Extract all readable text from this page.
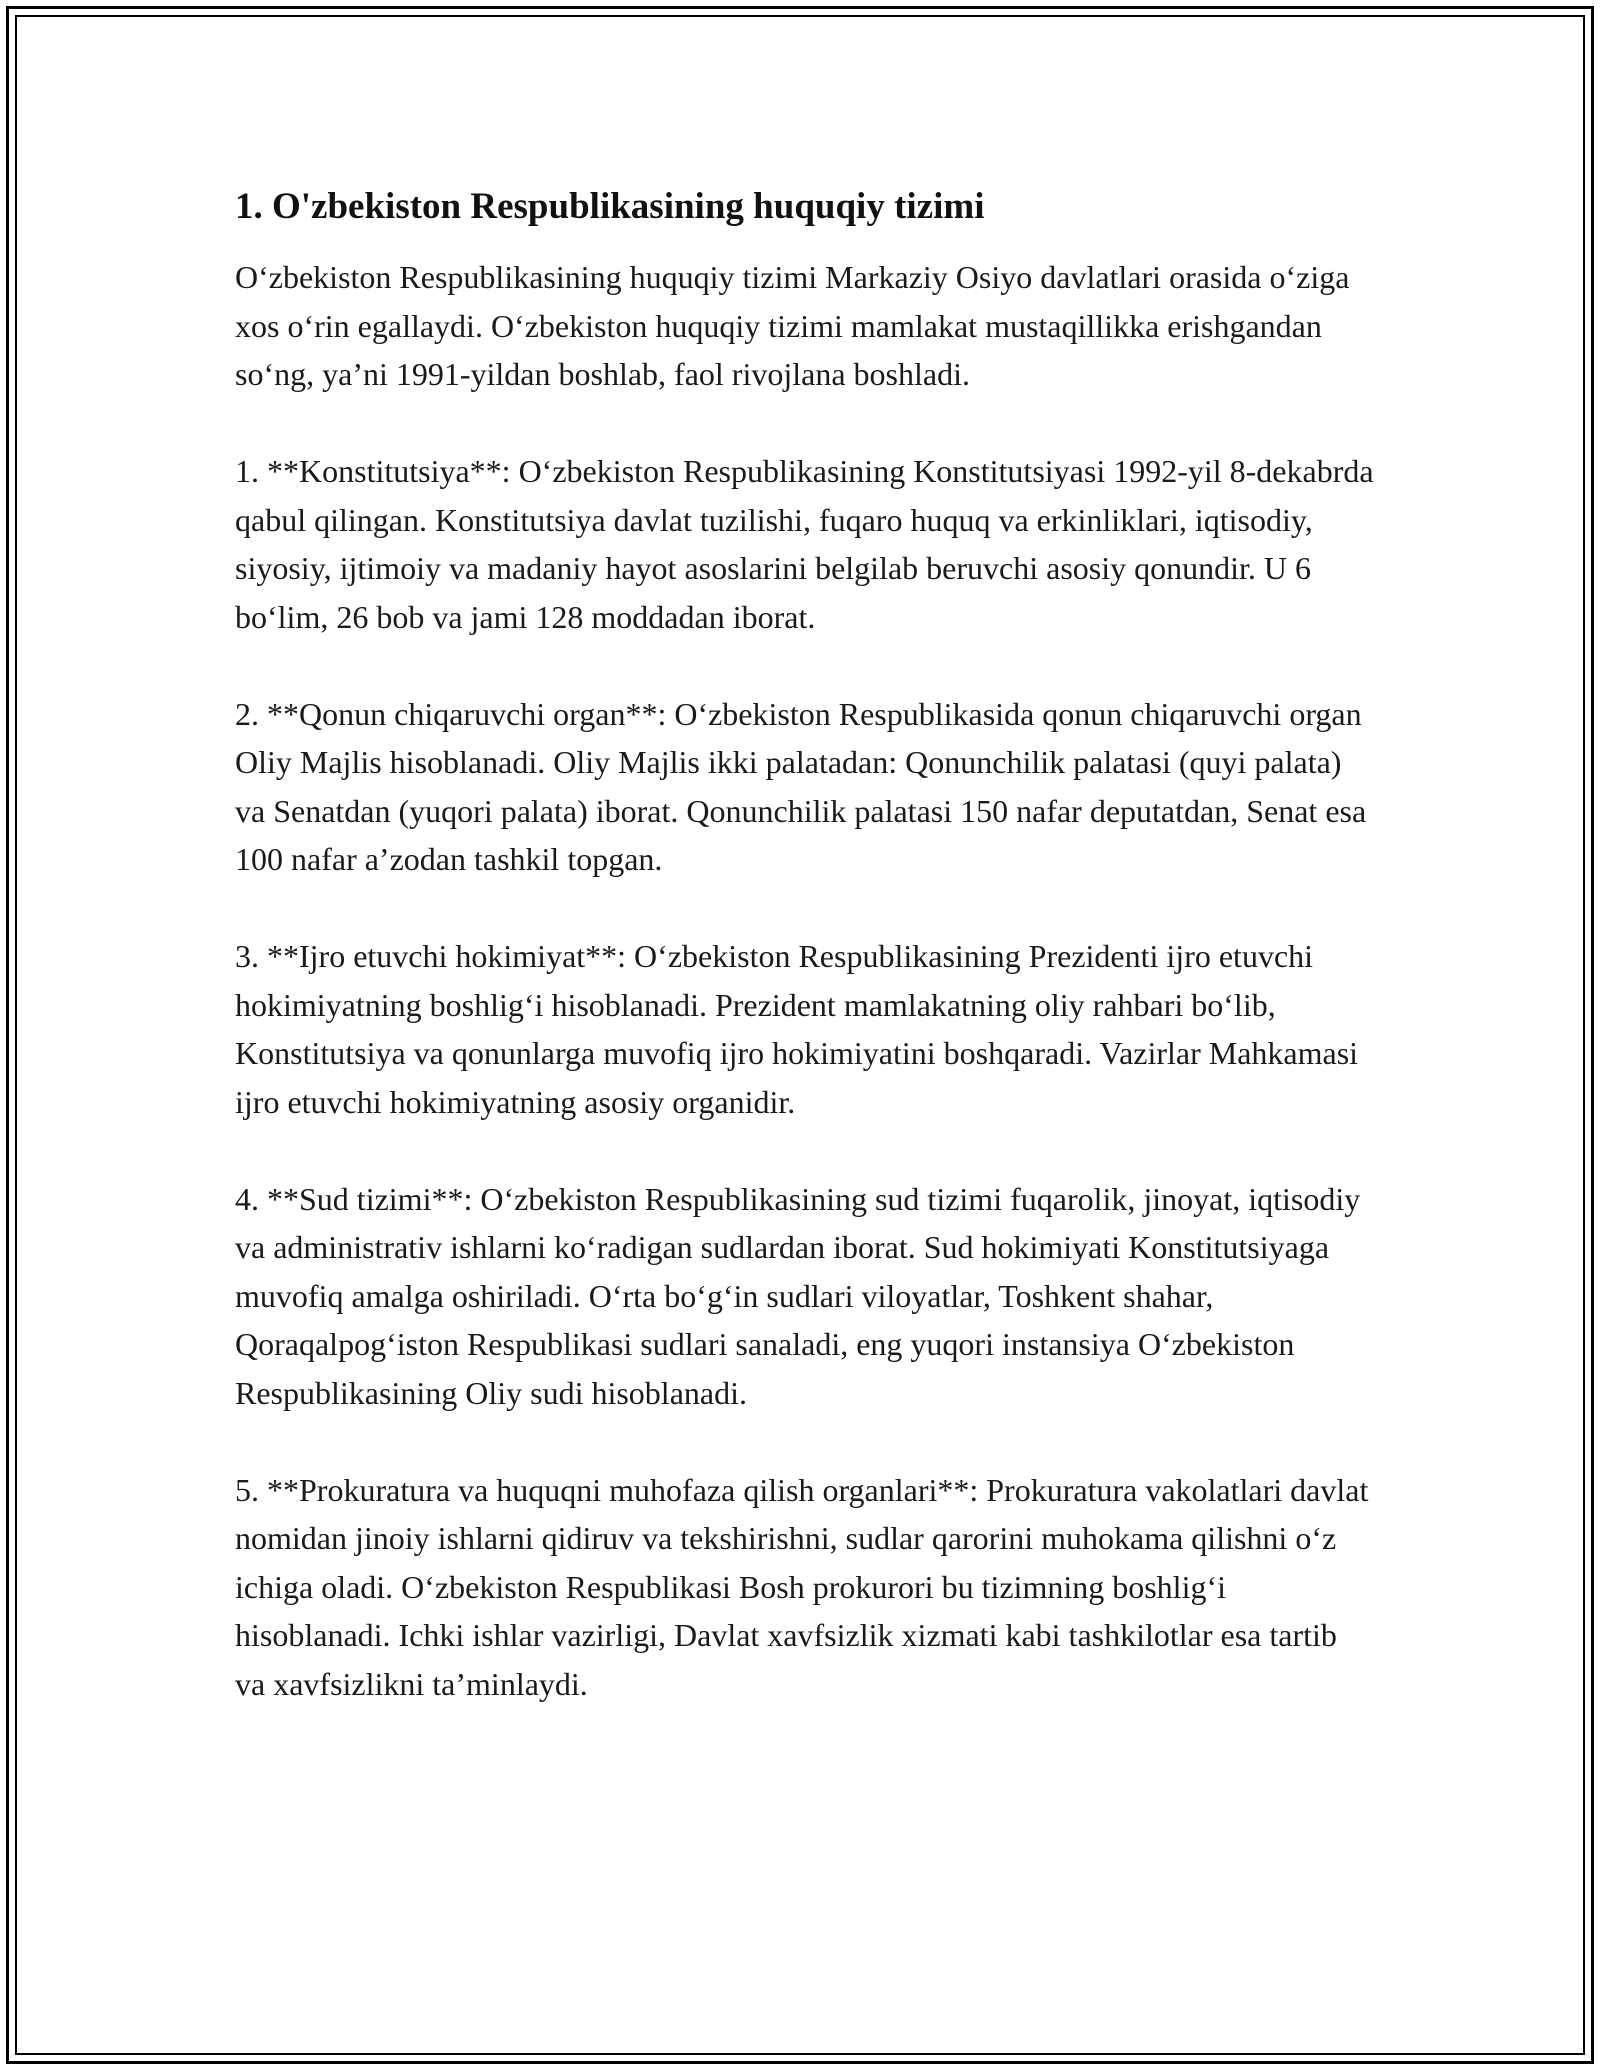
1. O'zbekiston Respublikasining huquqiy tizimi

O‘zbekiston Respublikasining huquqiy tizimi Markaziy Osiyo davlatlari orasida o‘ziga xos o‘rin egallaydi. O‘zbekiston huquqiy tizimi mamlakat mustaqillikka erishgandan so‘ng, ya’ni 1991-yildan boshlab, faol rivojlana boshladi.

1. **Konstitutsiya**: O‘zbekiston Respublikasining Konstitutsiyasi 1992-yil 8-dekabrda qabul qilingan. Konstitutsiya davlat tuzilishi, fuqaro huquq va erkinliklari, iqtisodiy, siyosiy, ijtimoiy va madaniy hayot asoslarini belgilab beruvchi asosiy qonundir. U 6 bo‘lim, 26 bob va jami 128 moddadan iborat.

2. **Qonun chiqaruvchi organ**: O‘zbekiston Respublikasida qonun chiqaruvchi organ Oliy Majlis hisoblanadi. Oliy Majlis ikki palatadan: Qonunchilik palatasi (quyi palata) va Senatdan (yuqori palata) iborat. Qonunchilik palatasi 150 nafar deputatdan, Senat esa 100 nafar a’zodan tashkil topgan.

3. **Ijro etuvchi hokimiyat**: O‘zbekiston Respublikasining Prezidenti ijro etuvchi hokimiyatning boshlig‘i hisoblanadi. Prezident mamlakatning oliy rahbari bo‘lib, Konstitutsiya va qonunlarga muvofiq ijro hokimiyatini boshqaradi. Vazirlar Mahkamasi ijro etuvchi hokimiyatning asosiy organidir.

4. **Sud tizimi**: O‘zbekiston Respublikasining sud tizimi fuqarolik, jinoyat, iqtisodiy va administrativ ishlarni ko‘radigan sudlardan iborat. Sud hokimiyati Konstitutsiyaga muvofiq amalga oshiriladi. O‘rta bo‘g‘in sudlari viloyatlar, Toshkent shahar, Qoraqalpog‘iston Respublikasi sudlari sanaladi, eng yuqori instansiya O‘zbekiston Respublikasining Oliy sudi hisoblanadi.

5. **Prokuratura va huquqni muhofaza qilish organlari**: Prokuratura vakolatlari davlat nomidan jinoiy ishlarni qidiruv va tekshirishni, sudlar qarorini muhokama qilishni o‘z ichiga oladi. O‘zbekiston Respublikasi Bosh prokurori bu tizimning boshlig‘i hisoblanadi. Ichki ishlar vazirligi, Davlat xavfsizlik xizmati kabi tashkilotlar esa tartib va xavfsizlikni ta’minlaydi.
